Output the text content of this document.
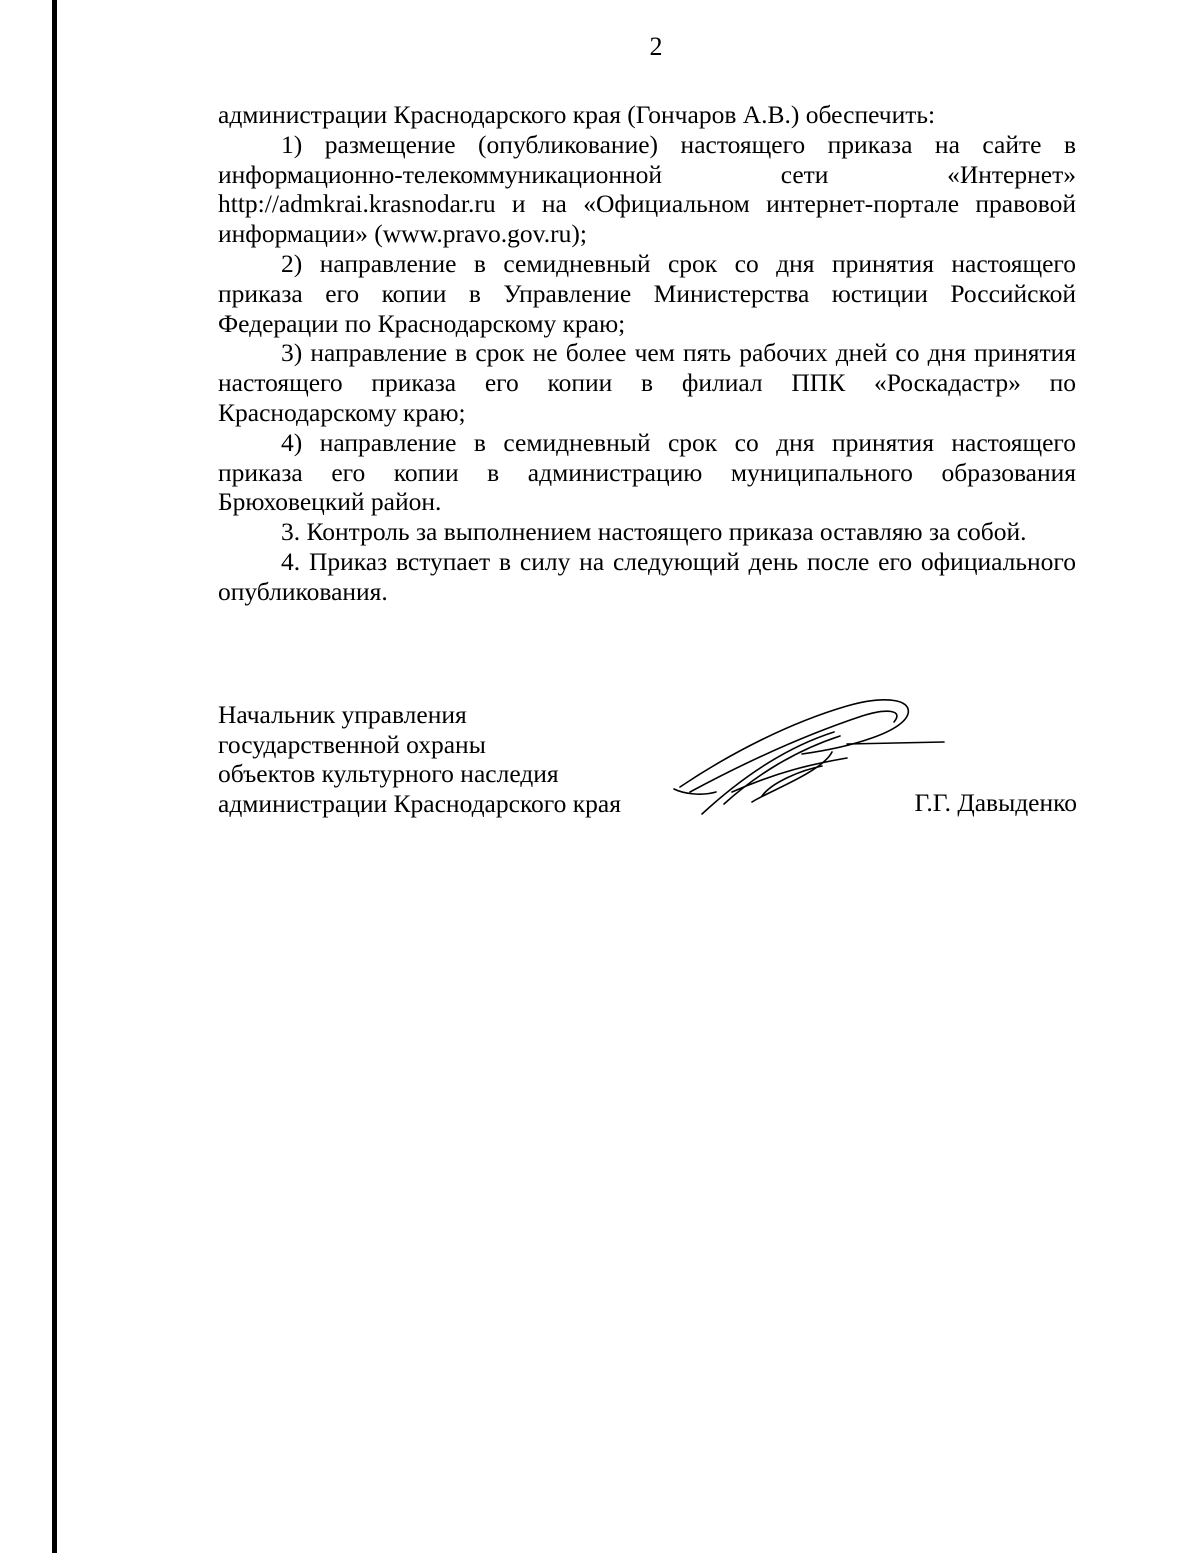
2

администрации Краснодарского края (Гончаров А.В.) обеспечить:

1) размещение (опубликование) настоящего приказа на сайте в информационно-телекоммуникационной сети «Интернет» http://admkrai.krasnodar.ru и на «Официальном интернет-портале правовой информации» (www.pravo.gov.ru);

2) направление в семидневный срок со дня принятия настоящего приказа его копии в Управление Министерства юстиции Российской Федерации по Краснодарскому краю;

3) направление в срок не более чем пять рабочих дней со дня принятия настоящего приказа его копии в филиал ППК «Роскадастр» по Краснодарскому краю;

4) направление в семидневный срок со дня принятия настоящего приказа его копии в администрацию муниципального образования Брюховецкий район.

3. Контроль за выполнением настоящего приказа оставляю за собой.

4. Приказ вступает в силу на следующий день после его официального опубликования.

Начальник управления
государственной охраны
объектов культурного наследия
администрации Краснодарского края	Г.Г. Давыденко
